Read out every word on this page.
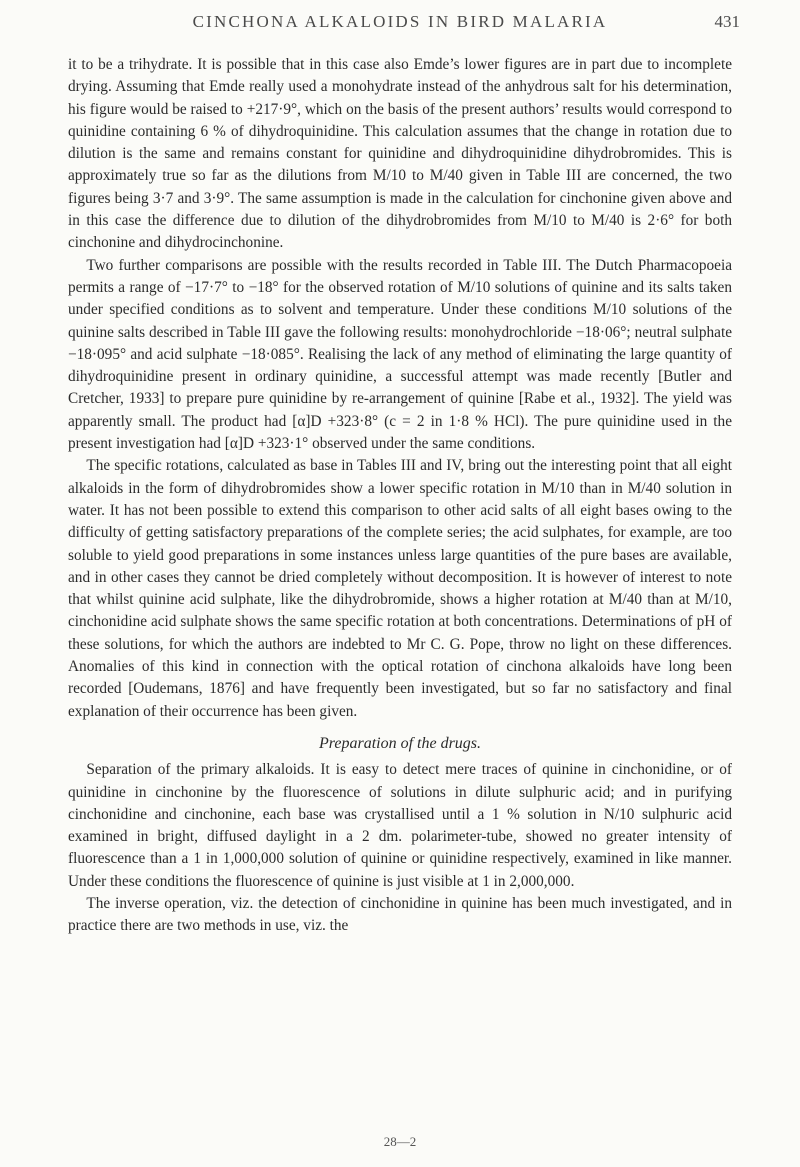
CINCHONA ALKALOIDS IN BIRD MALARIA	431

it to be a trihydrate. It is possible that in this case also Emde’s lower figures are in part due to incomplete drying. Assuming that Emde really used a monohydrate instead of the anhydrous salt for his determination, his figure would be raised to +217·9°, which on the basis of the present authors’ results would correspond to quinidine containing 6 % of dihydroquinidine. This calculation assumes that the change in rotation due to dilution is the same and remains constant for quinidine and dihydroquinidine dihydrobromides. This is approximately true so far as the dilutions from M/10 to M/40 given in Table III are concerned, the two figures being 3·7 and 3·9°. The same assumption is made in the calculation for cinchonine given above and in this case the difference due to dilution of the dihydrobromides from M/10 to M/40 is 2·6° for both cinchonine and dihydrocinchonine.

Two further comparisons are possible with the results recorded in Table III. The Dutch Pharmacopoeia permits a range of −17·7° to −18° for the observed rotation of M/10 solutions of quinine and its salts taken under specified conditions as to solvent and temperature. Under these conditions M/10 solutions of the quinine salts described in Table III gave the following results: monohydrochloride −18·06°; neutral sulphate −18·095° and acid sulphate −18·085°. Realising the lack of any method of eliminating the large quantity of dihydroquinidine present in ordinary quinidine, a successful attempt was made recently [Butler and Cretcher, 1933] to prepare pure quinidine by re-arrangement of quinine [Rabe et al., 1932]. The yield was apparently small. The product had [α]D +323·8° (c = 2 in 1·8 % HCl). The pure quinidine used in the present investigation had [α]D +323·1° observed under the same conditions.

The specific rotations, calculated as base in Tables III and IV, bring out the interesting point that all eight alkaloids in the form of dihydrobromides show a lower specific rotation in M/10 than in M/40 solution in water. It has not been possible to extend this comparison to other acid salts of all eight bases owing to the difficulty of getting satisfactory preparations of the complete series; the acid sulphates, for example, are too soluble to yield good preparations in some instances unless large quantities of the pure bases are available, and in other cases they cannot be dried completely without decomposition. It is however of interest to note that whilst quinine acid sulphate, like the dihydrobromide, shows a higher rotation at M/40 than at M/10, cinchonidine acid sulphate shows the same specific rotation at both concentrations. Determinations of pH of these solutions, for which the authors are indebted to Mr C. G. Pope, throw no light on these differences. Anomalies of this kind in connection with the optical rotation of cinchona alkaloids have long been recorded [Oudemans, 1876] and have frequently been investigated, but so far no satisfactory and final explanation of their occurrence has been given.

Preparation of the drugs.

Separation of the primary alkaloids. It is easy to detect mere traces of quinine in cinchonidine, or of quinidine in cinchonine by the fluorescence of solutions in dilute sulphuric acid; and in purifying cinchonidine and cinchonine, each base was crystallised until a 1 % solution in N/10 sulphuric acid examined in bright, diffused daylight in a 2 dm. polarimeter-tube, showed no greater intensity of fluorescence than a 1 in 1,000,000 solution of quinine or quinidine respectively, examined in like manner. Under these conditions the fluorescence of quinine is just visible at 1 in 2,000,000.

The inverse operation, viz. the detection of cinchonidine in quinine has been much investigated, and in practice there are two methods in use, viz. the

28—2
